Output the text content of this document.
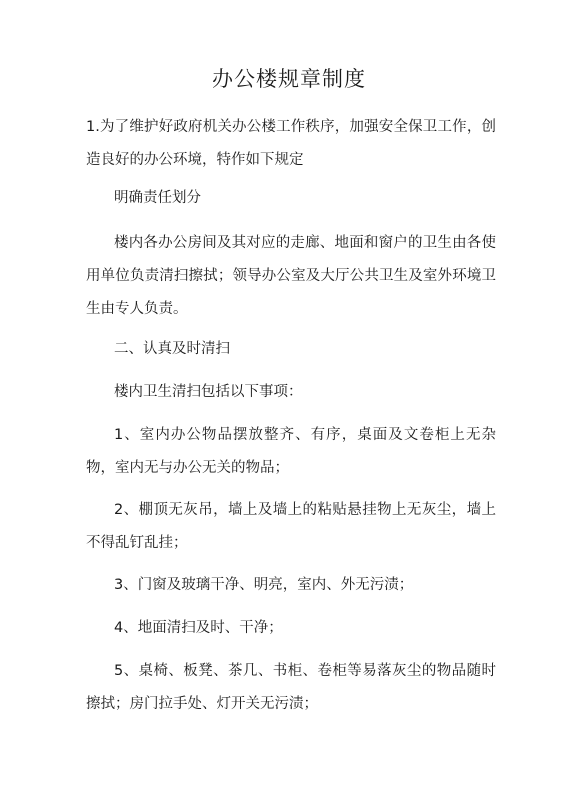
办公楼规章制度
1.为了维护好政府机关办公楼工作秩序，加强安全保卫工作，创造良好的办公环境，特作如下规定
明确责任划分
楼内各办公房间及其对应的走廊、地面和窗户的卫生由各使用单位负责清扫擦拭；领导办公室及大厅公共卫生及室外环境卫生由专人负责。
二、认真及时清扫
楼内卫生清扫包括以下事项：
1、室内办公物品摆放整齐、有序，桌面及文卷柜上无杂物，室内无与办公无关的物品；
2、棚顶无灰吊，墙上及墙上的粘贴悬挂物上无灰尘，墙上不得乱钉乱挂；
3、门窗及玻璃干净、明亮，室内、外无污渍；
4、地面清扫及时、干净；
5、桌椅、板凳、茶几、书柜、卷柜等易落灰尘的物品随时擦拭；房门拉手处、灯开关无污渍；
